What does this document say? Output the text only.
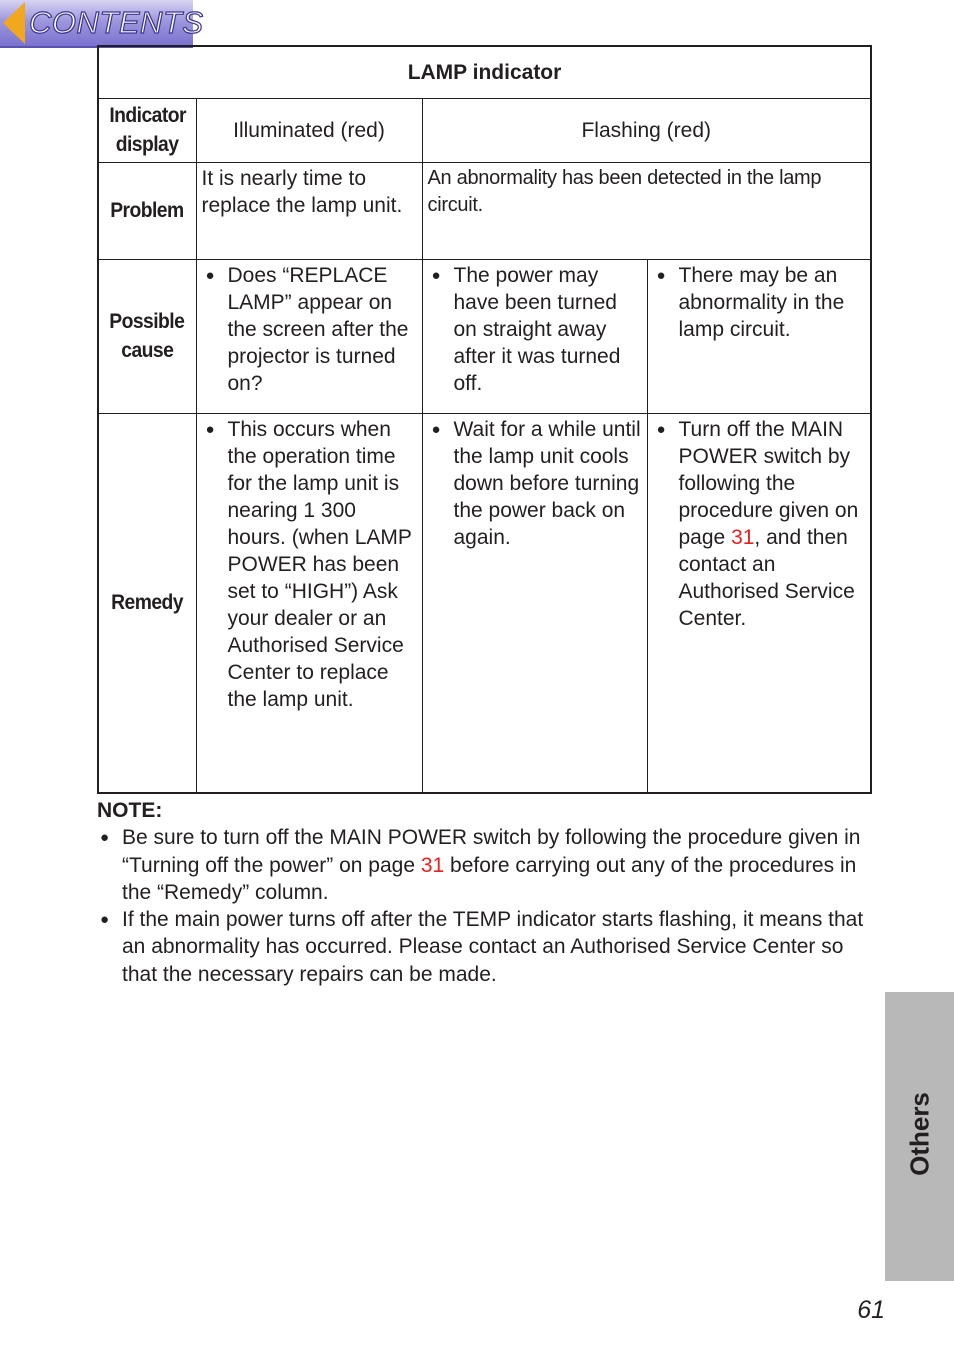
CONTENTS
LAMP indicator			
Indicator
display	Illuminated (red)	Flashing (red)	
Problem	It is nearly time to replace the lamp unit.	An abnormality has been detected in the lamp circuit.	
Possible
cause	● Does “REPLACE LAMP” appear on the screen after the projector is turned on?	● The power may have been turned on straight away after it was turned off.	● There may be an abnormality in the lamp circuit.

Remedy	● This occurs when the operation time for the lamp unit is nearing 1 300 hours. (when LAMP POWER has been set to “HIGH”) Ask your dealer or an Authorised Service Center to replace the lamp unit.	● Wait for a while until the lamp unit cools down before turning the power back on again.	● Turn off the MAIN POWER switch by following the procedure given on page 31, and then contact an Authorised Service Center.
NOTE:
● Be sure to turn off the MAIN POWER switch by following the procedure given in “Turning off the power” on page 31 before carrying out any of the procedures in the “Remedy” column.
● If the main power turns off after the TEMP indicator starts flashing, it means that an abnormality has occurred. Please contact an Authorised Service Center so that the necessary repairs can be made.
Others
61
